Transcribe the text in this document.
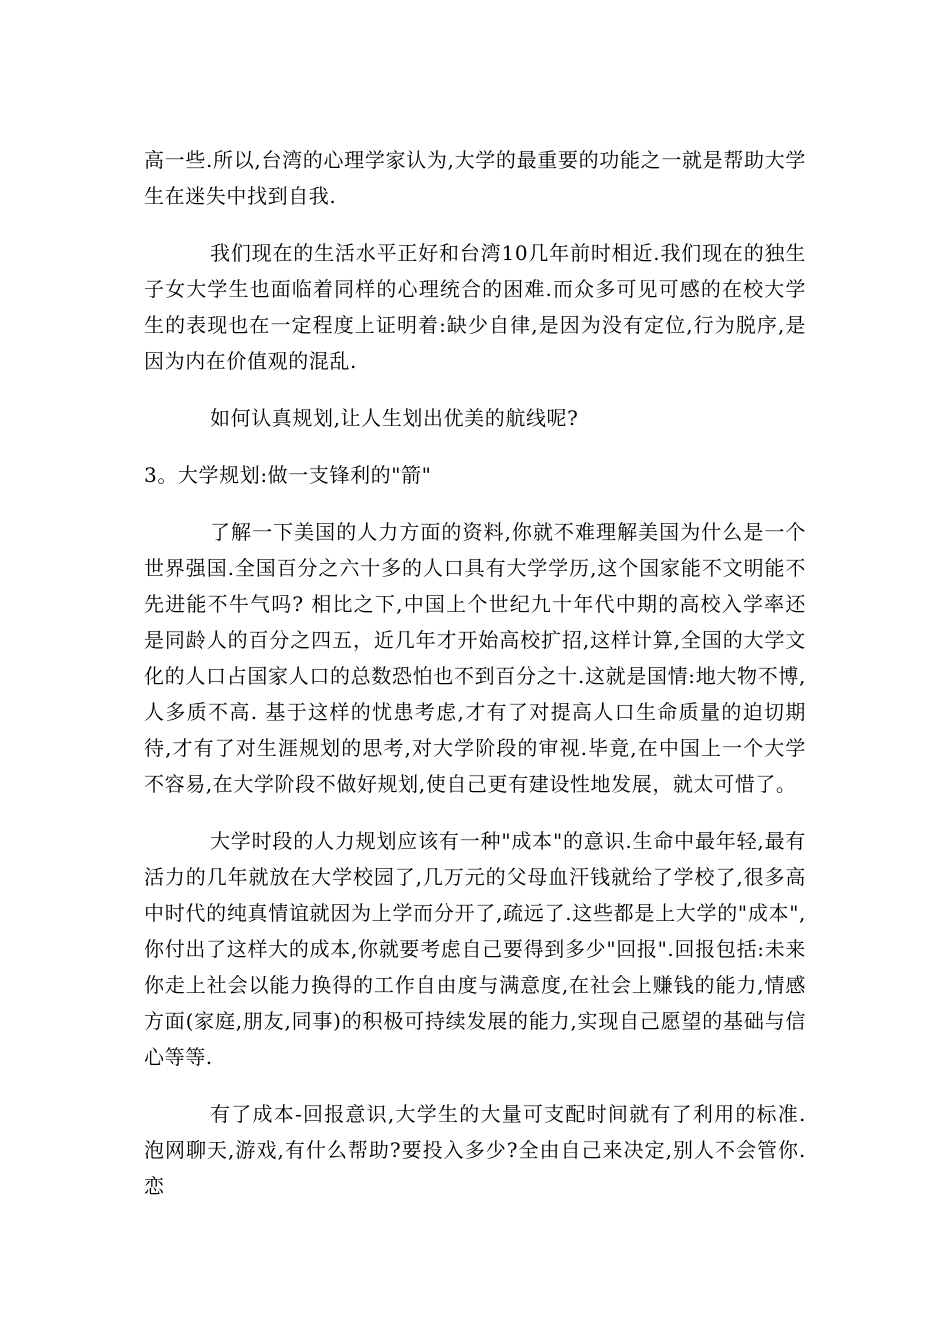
高一些.所以,台湾的心理学家认为,大学的最重要的功能之一就是帮助大学生在迷失中找到自我.

我们现在的生活水平正好和台湾10几年前时相近.我们现在的独生子女大学生也面临着同样的心理统合的困难.而众多可见可感的在校大学生的表现也在一定程度上证明着:缺少自律,是因为没有定位,行为脱序,是因为内在价值观的混乱.

如何认真规划,让人生划出优美的航线呢?

3。大学规划:做一支锋利的"箭"

了解一下美国的人力方面的资料,你就不难理解美国为什么是一个世界强国.全国百分之六十多的人口具有大学学历,这个国家能不文明能不先进能不牛气吗? 相比之下,中国上个世纪九十年代中期的高校入学率还是同龄人的百分之四五，近几年才开始高校扩招,这样计算,全国的大学文化的人口占国家人口的总数恐怕也不到百分之十.这就是国情:地大物不博,人多质不高. 基于这样的忧患考虑,才有了对提高人口生命质量的迫切期待,才有了对生涯规划的思考,对大学阶段的审视.毕竟,在中国上一个大学不容易,在大学阶段不做好规划,使自己更有建设性地发展，就太可惜了。

大学时段的人力规划应该有一种"成本"的意识.生命中最年轻,最有活力的几年就放在大学校园了,几万元的父母血汗钱就给了学校了,很多高中时代的纯真情谊就因为上学而分开了,疏远了.这些都是上大学的"成本",你付出了这样大的成本,你就要考虑自己要得到多少"回报".回报包括:未来你走上社会以能力换得的工作自由度与满意度,在社会上赚钱的能力,情感方面(家庭,朋友,同事)的积极可持续发展的能力,实现自己愿望的基础与信心等等.

有了成本-回报意识,大学生的大量可支配时间就有了利用的标准.泡网聊天,游戏,有什么帮助?要投入多少?全由自己来决定,别人不会管你.恋
